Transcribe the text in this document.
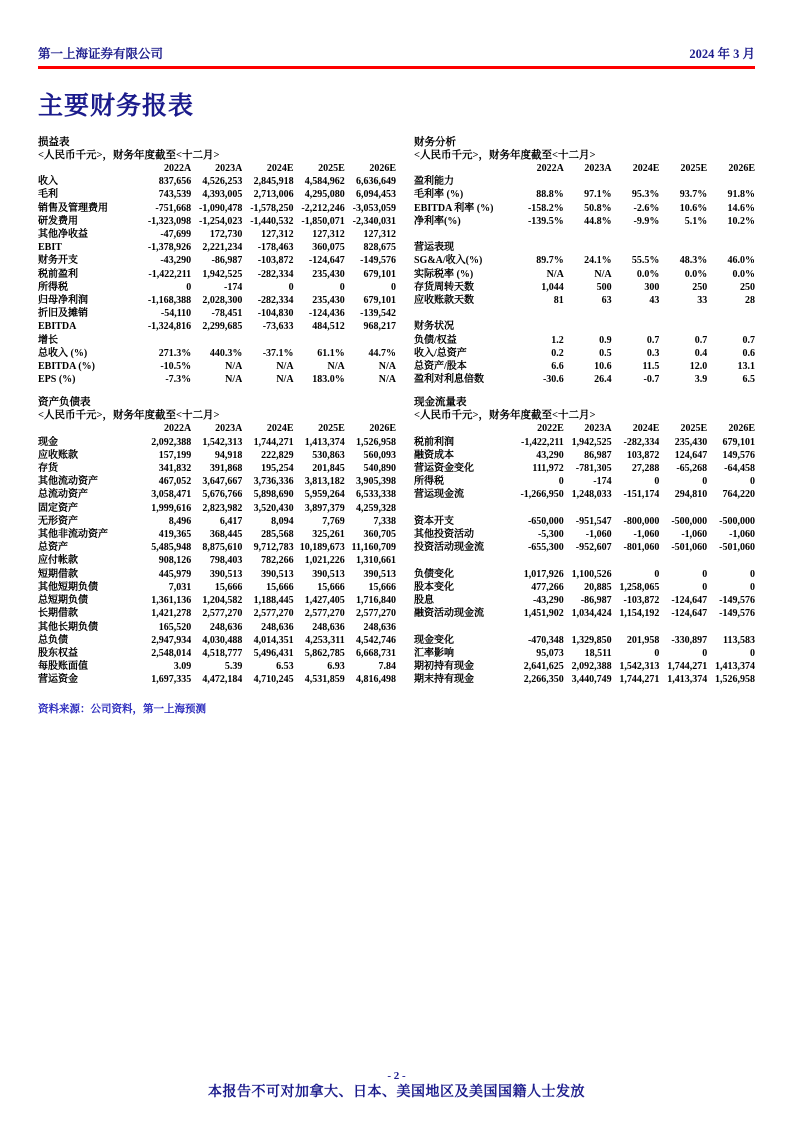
第一上海证券有限公司	2024 年 3 月
主要财务报表
损益表
<人民币千元>，财务年度截至<十二月>
	2022A	2023A	2024E	2025E	2026E
收入	837,656	4,526,253	2,845,918	4,584,962	6,636,649
毛利	743,539	4,393,005	2,713,006	4,295,080	6,094,453
销售及管理费用	-751,668	-1,090,478	-1,578,250	-2,212,246	-3,053,059
研发费用	-1,323,098	-1,254,023	-1,440,532	-1,850,071	-2,340,031
其他净收益	-47,699	172,730	127,312	127,312	127,312
EBIT	-1,378,926	2,221,234	-178,463	360,075	828,675
财务开支	-43,290	-86,987	-103,872	-124,647	-149,576
税前盈利	-1,422,211	1,942,525	-282,334	235,430	679,101
所得税	0	-174	0	0	0
归母净利润	-1,168,388	2,028,300	-282,334	235,430	679,101
折旧及摊销	-54,110	-78,451	-104,830	-124,436	-139,542
EBITDA	-1,324,816	2,299,685	-73,633	484,512	968,217
增长					
总收入 (%)	271.3%	440.3%	-37.1%	61.1%	44.7%
EBITDA (%)	-10.5%	N/A	N/A	N/A	N/A
EPS (%)	-7.3%	N/A	N/A	183.0%	N/A
资产负债表
<人民币千元>，财务年度截至<十二月>
	2022A	2023A	2024E	2025E	2026E
现金	2,092,388	1,542,313	1,744,271	1,413,374	1,526,958
应收账款	157,199	94,918	222,829	530,863	560,093
存货	341,832	391,868	195,254	201,845	540,890
其他流动资产	467,052	3,647,667	3,736,336	3,813,182	3,905,398
总流动资产	3,058,471	5,676,766	5,898,690	5,959,264	6,533,338
固定资产	1,999,616	2,823,982	3,520,430	3,897,379	4,259,328
无形资产	8,496	6,417	8,094	7,769	7,338
其他非流动资产	419,365	368,445	285,568	325,261	360,705
总资产	5,485,948	8,875,610	9,712,783	10,189,673	11,160,709
应付帐款	908,126	798,403	782,266	1,021,226	1,310,661
短期借款	445,979	390,513	390,513	390,513	390,513
其他短期负债	7,031	15,666	15,666	15,666	15,666
总短期负债	1,361,136	1,204,582	1,188,445	1,427,405	1,716,840
长期借款	1,421,278	2,577,270	2,577,270	2,577,270	2,577,270
其他长期负债	165,520	248,636	248,636	248,636	248,636
总负债	2,947,934	4,030,488	4,014,351	4,253,311	4,542,746
股东权益	2,548,014	4,518,777	5,496,431	5,862,785	6,668,731
每股账面值	3.09	5.39	6.53	6.93	7.84
营运资金	1,697,335	4,472,184	4,710,245	4,531,859	4,816,498
资料来源：公司资料，第一上海预测
财务分析
<人民币千元>，财务年度截至<十二月>
	2022A	2023A	2024E	2025E	2026E
盈利能力					
毛利率 (%)	88.8%	97.1%	95.3%	93.7%	91.8%
EBITDA 利率 (%)	-158.2%	50.8%	-2.6%	10.6%	14.6%
净利率(%)	-139.5%	44.8%	-9.9%	5.1%	10.2%

营运表现					
SG&A/收入(%)	89.7%	24.1%	55.5%	48.3%	46.0%
实际税率 (%)	N/A	N/A	0.0%	0.0%	0.0%
存货周转天数	1,044	500	300	250	250
应收账款天数	81	63	43	33	28

财务状况					
负债/权益	1.2	0.9	0.7	0.7	0.7
收入/总资产	0.2	0.5	0.3	0.4	0.6
总资产/股本	6.6	10.6	11.5	12.0	13.1
盈利对利息倍数	-30.6	26.4	-0.7	3.9	6.5
现金流量表
<人民币千元>，财务年度截至<十二月>
	2022E	2023A	2024E	2025E	2026E
税前利润	-1,422,211	1,942,525	-282,334	235,430	679,101
融资成本	43,290	86,987	103,872	124,647	149,576
营运资金变化	111,972	-781,305	27,288	-65,268	-64,458
所得税	0	-174	0	0	0
营运现金流	-1,266,950	1,248,033	-151,174	294,810	764,220

资本开支	-650,000	-951,547	-800,000	-500,000	-500,000
其他投资活动	-5,300	-1,060	-1,060	-1,060	-1,060
投资活动现金流	-655,300	-952,607	-801,060	-501,060	-501,060

负债变化	1,017,926	1,100,526	0	0	0
股本变化	477,266	20,885	1,258,065	0	0
股息	-43,290	-86,987	-103,872	-124,647	-149,576
融资活动现金流	1,451,902	1,034,424	1,154,192	-124,647	-149,576

现金变化	-470,348	1,329,850	201,958	-330,897	113,583
汇率影响	95,073	18,511	0	0	0
期初持有现金	2,641,625	2,092,388	1,542,313	1,744,271	1,413,374
期末持有现金	2,266,350	3,440,749	1,744,271	1,413,374	1,526,958
- 2 -
本报告不可对加拿大、日本、美国地区及美国国籍人士发放
